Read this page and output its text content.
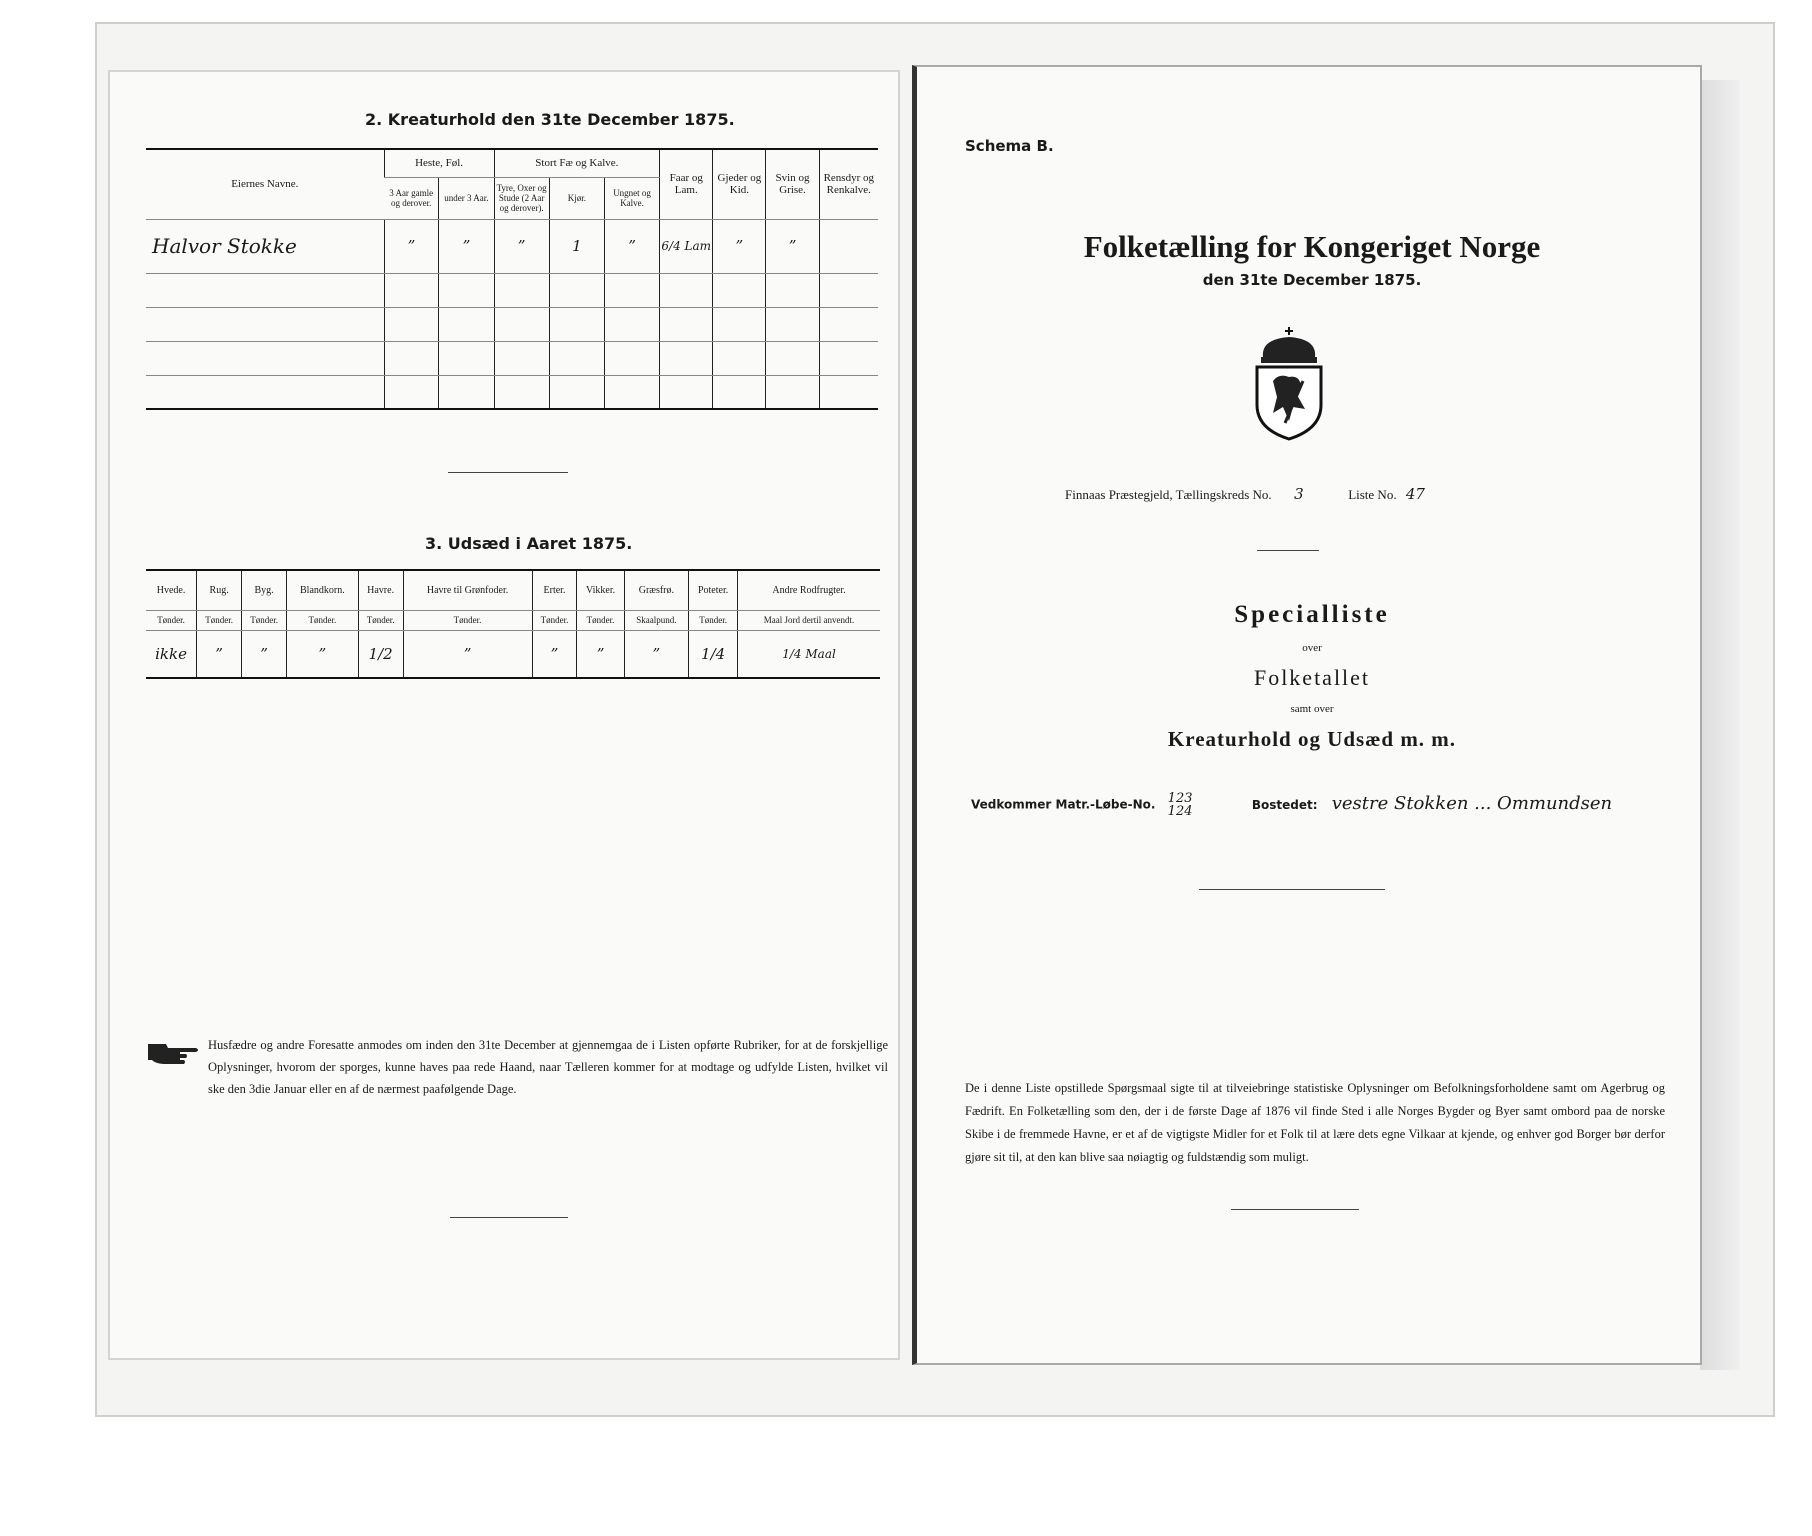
2. Kreaturhold den 31te December 1875.
Eiernes Navne.	Heste, Føl.		Stort Fæ og Kalve.			Faar og Lam.	Gjeder og Kid.	Svin og Grise.	Rensdyr og Renkalve.
	3 Aar gamle og derover.	under 3 Aar.	Tyre, Oxer og Stude (2 Aar og derover).	Kjør.	Ungnet og Kalve.				
Halvor Stokke	”	”	”	1	”	6/4 Lam	”	”	

3. Udsæd i Aaret 1875.
Hvede.	Rug.	Byg.	Blandkorn.	Havre.	Havre til Grønfoder.	Erter.	Vikker.	Græsfrø.	Poteter.	Andre Rodfrugter.
Tønder.	Tønder.	Tønder.	Tønder.	Tønder.	Tønder.	Tønder.	Tønder.	Skaalpund.	Tønder.	Maal Jord dertil anvendt.
ikke	”	”	”	1/2	”	”	”	”	1/4	1/4 Maal
Husfædre og andre Foresatte anmodes om inden den 31te December at gjennemgaa de i Listen opførte Rubriker, for at de forskjellige Oplysninger, hvorom der sporges, kunne haves paa rede Haand, naar Tælleren kommer for at modtage og udfylde Listen, hvilket vil ske den 3die Januar eller en af de nærmest paafølgende Dage.
Schema B.
Folketælling for Kongeriget Norge
den 31te December 1875.
Finnaas Præstegjeld, Tællingskreds No. 3	Liste No. 47
Specialliste
over
Folketallet
samt over
Kreaturhold og Udsæd m. m.
Vedkommer Matr.-Løbe-No. 123
124	Bostedet: vestre Stokken ... Ommundsen
De i denne Liste opstillede Spørgsmaal sigte til at tilveiebringe statistiske Oplysninger om Befolkningsforholdene samt om Agerbrug og Fædrift. En Folketælling som den, der i de første Dage af 1876 vil finde Sted i alle Norges Bygder og Byer samt ombord paa de norske Skibe i de fremmede Havne, er et af de vigtigste Midler for et Folk til at lære dets egne Vilkaar at kjende, og enhver god Borger bør derfor gjøre sit til, at den kan blive saa nøiagtig og fuldstændig som muligt.
